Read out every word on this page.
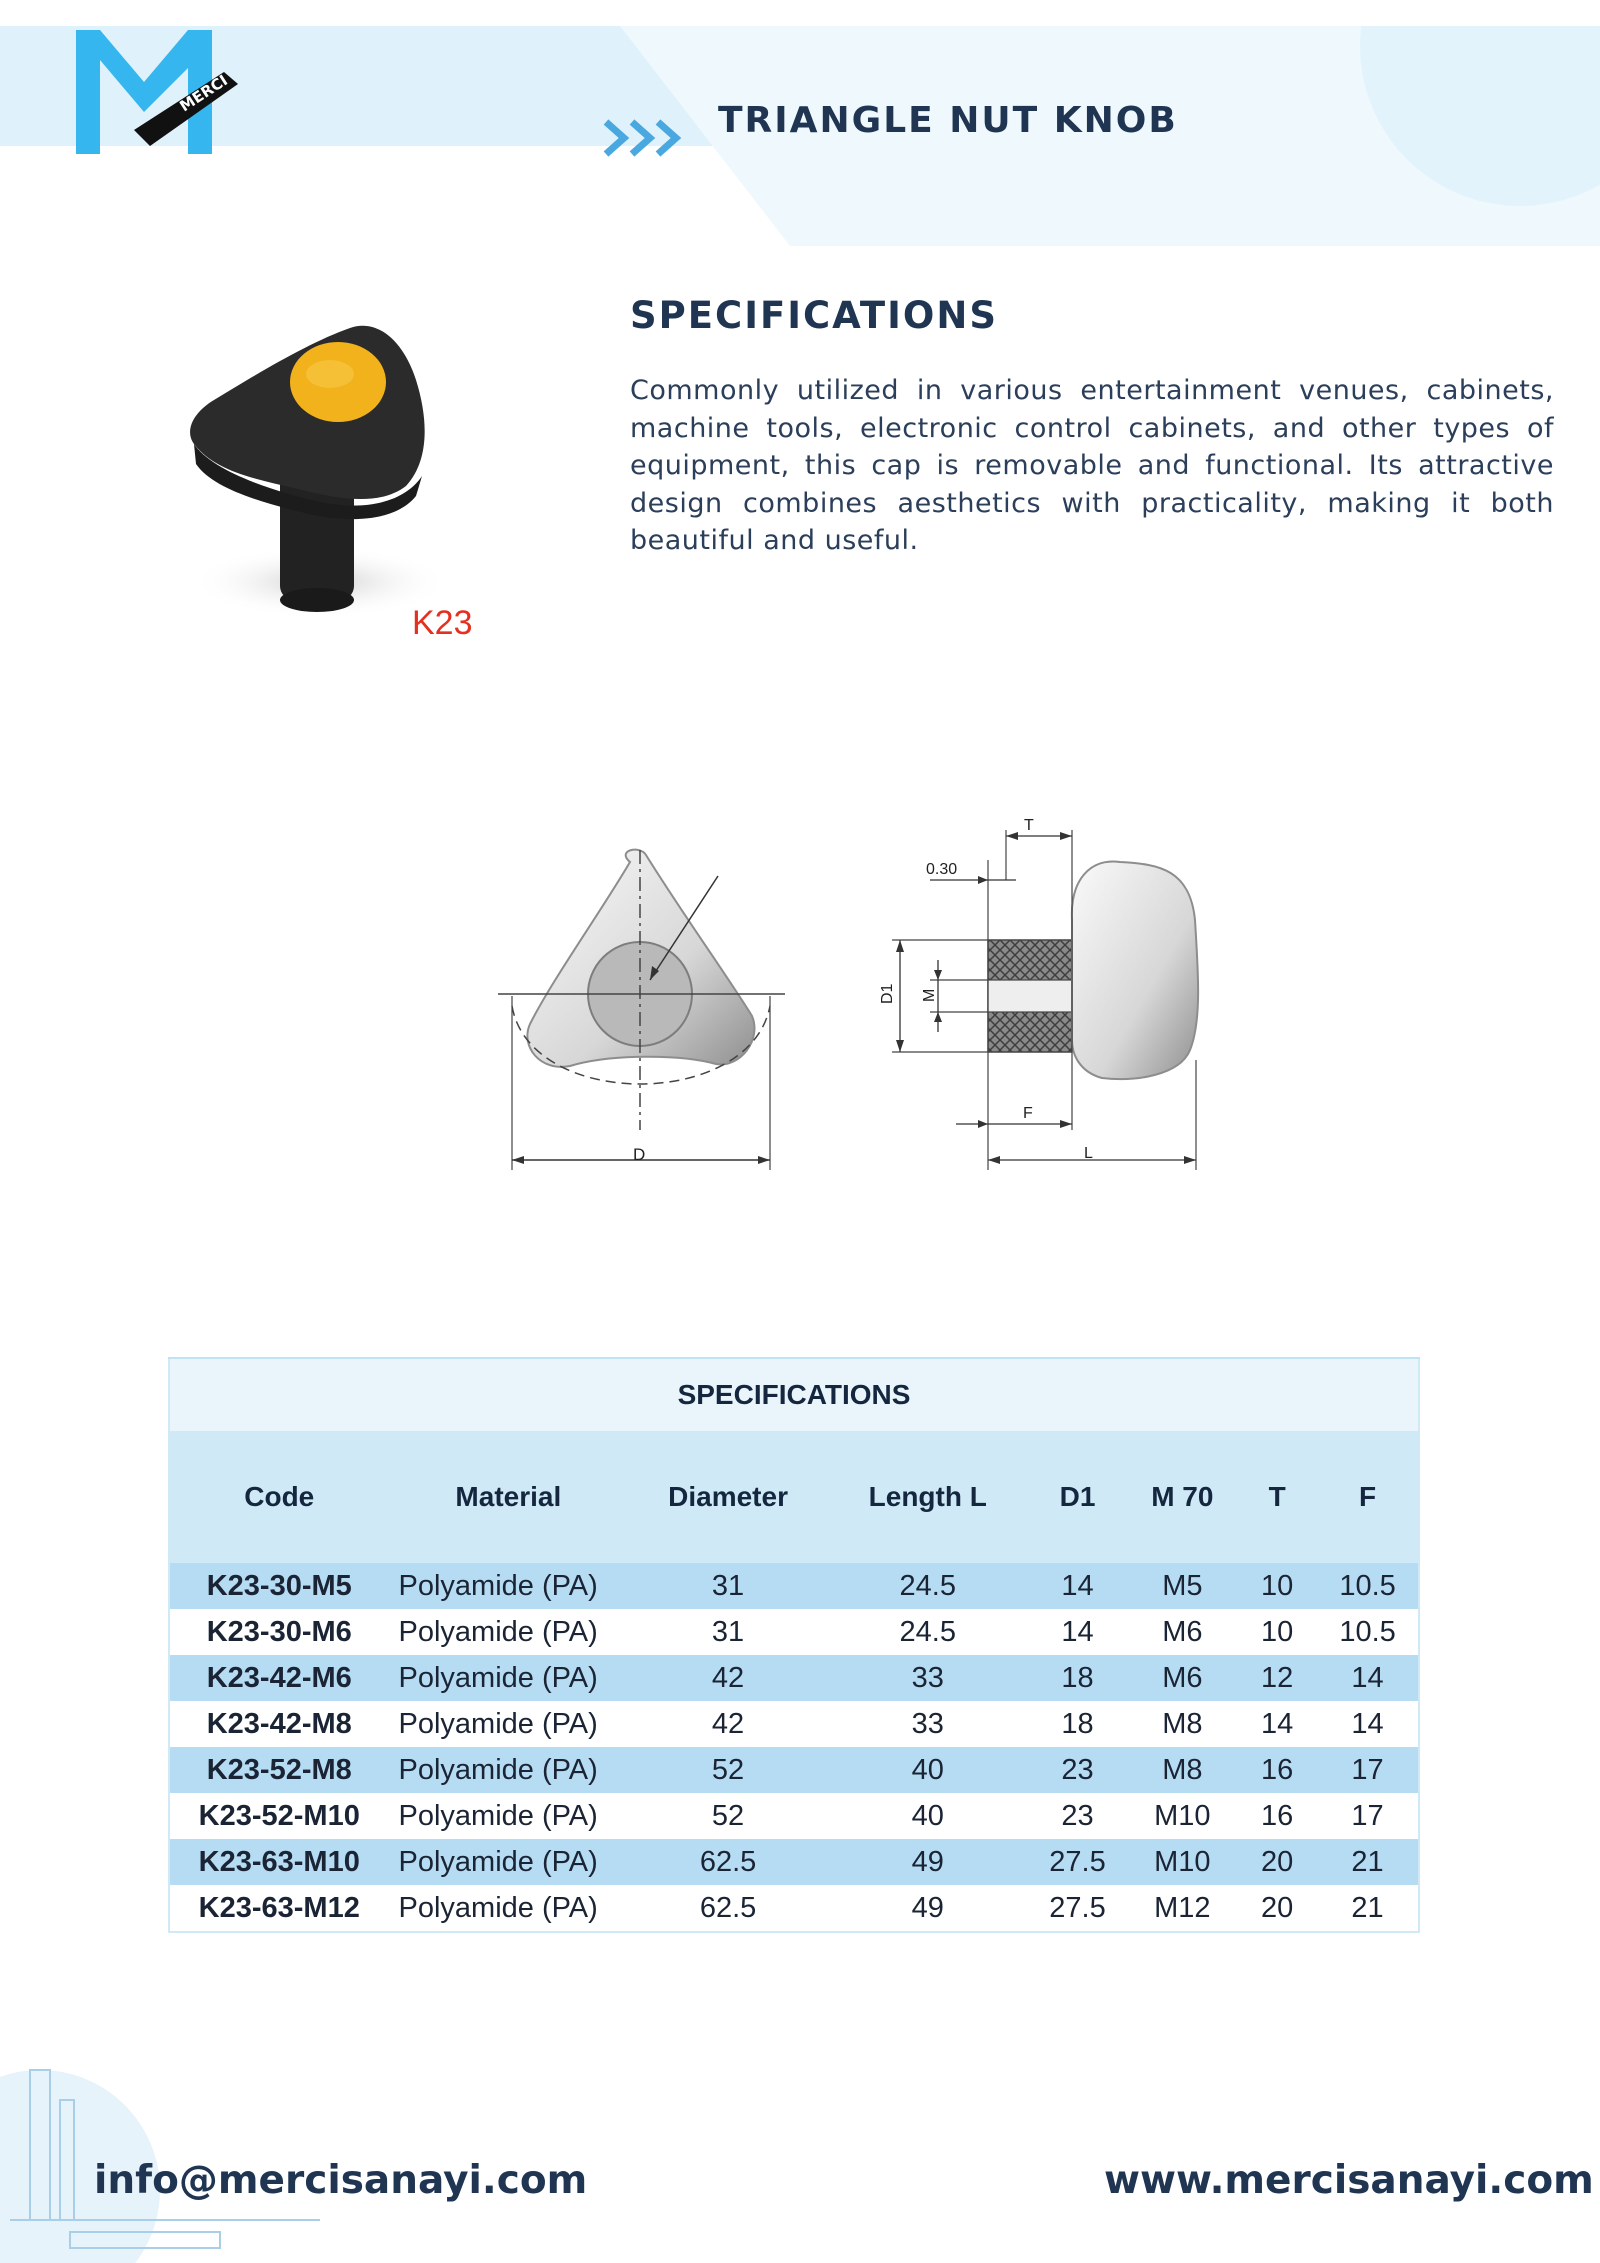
MERCI
TRIANGLE NUT KNOB
K23
SPECIFICATIONS
Commonly utilized in various entertainment venues, cabinets, machine tools, electronic control cabinets, and other types of equipment, this cap is removable and functional. Its attractive design combines aesthetics with practicality, making it both beautiful and useful.
D
T
0.30
D1 M
F
L
SPECIFICATIONS							
Code	Material	Diameter	Length L	D1	M 70	T	F
K23-30-M5	Polyamide (PA)	31	24.5	14	M5	10	10.5
K23-30-M6	Polyamide (PA)	31	24.5	14	M6	10	10.5
K23-42-M6	Polyamide (PA)	42	33	18	M6	12	14
K23-42-M8	Polyamide (PA)	42	33	18	M8	14	14
K23-52-M8	Polyamide (PA)	52	40	23	M8	16	17
K23-52-M10	Polyamide (PA)	52	40	23	M10	16	17
K23-63-M10	Polyamide (PA)	62.5	49	27.5	M10	20	21
K23-63-M12	Polyamide (PA)	62.5	49	27.5	M12	20	21
info@mercisanayi.com	www.mercisanayi.com
